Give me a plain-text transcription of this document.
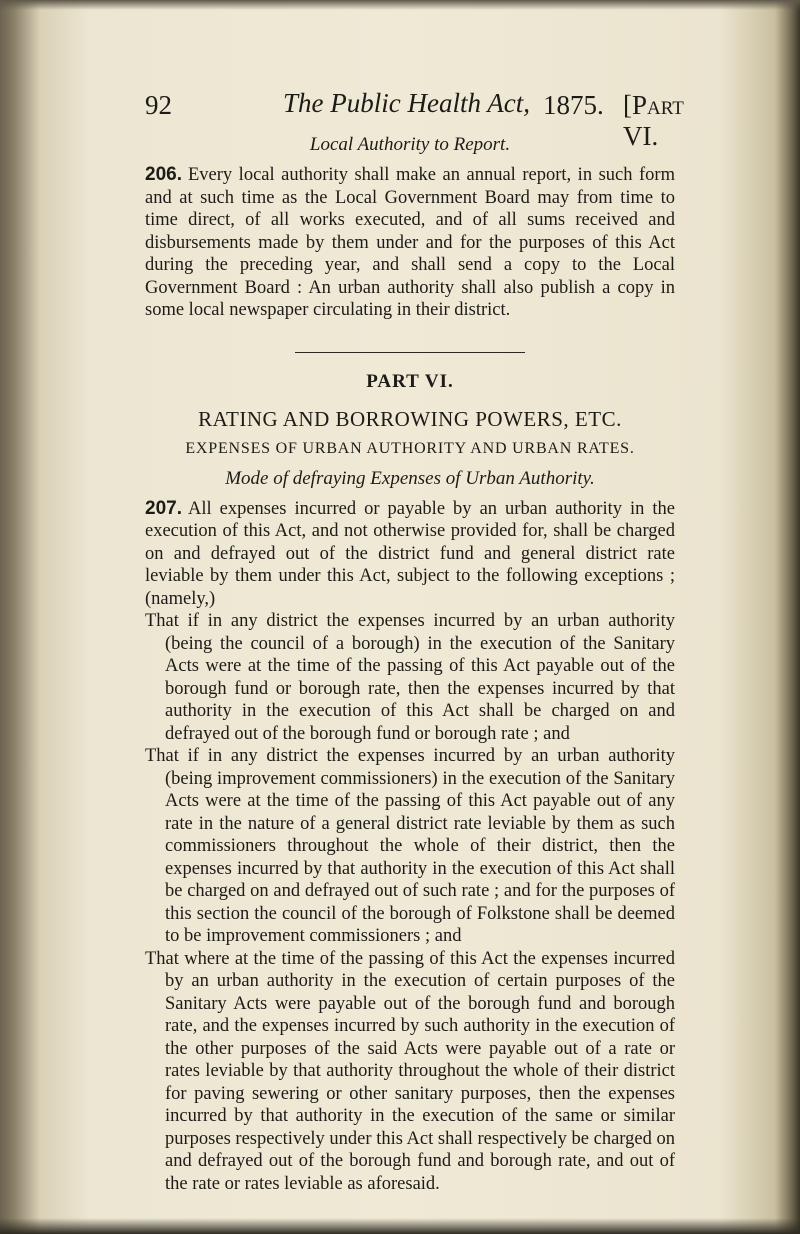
92	The Public Health Act, 1875. [Part VI.
Local Authority to Report.

206. Every local authority shall make an annual report, in such form and at such time as the Local Government Board may from time to time direct, of all works executed, and of all sums received and disbursements made by them under and for the purposes of this Act during the preceding year, and shall send a copy to the Local Government Board : An urban authority shall also publish a copy in some local newspaper circulating in their district.

PART VI.
RATING AND BORROWING POWERS, ETC.
EXPENSES OF URBAN AUTHORITY AND URBAN RATES.
Mode of defraying Expenses of Urban Authority.

207. All expenses incurred or payable by an urban authority in the execution of this Act, and not otherwise provided for, shall be charged on and defrayed out of the district fund and general district rate leviable by them under this Act, subject to the following exceptions ; (namely,)

That if in any district the expenses incurred by an urban authority (being the council of a borough) in the execution of the Sanitary Acts were at the time of the passing of this Act payable out of the borough fund or borough rate, then the expenses incurred by that authority in the execution of this Act shall be charged on and defrayed out of the borough fund or borough rate ; and

That if in any district the expenses incurred by an urban authority (being improvement commissioners) in the execution of the Sanitary Acts were at the time of the passing of this Act payable out of any rate in the nature of a general district rate leviable by them as such commissioners throughout the whole of their district, then the expenses incurred by that authority in the execution of this Act shall be charged on and defrayed out of such rate ; and for the purposes of this section the council of the borough of Folkstone shall be deemed to be improvement commissioners ; and

That where at the time of the passing of this Act the expenses incurred by an urban authority in the execution of certain purposes of the Sanitary Acts were payable out of the borough fund and borough rate, and the expenses incurred by such authority in the execution of the other purposes of the said Acts were payable out of a rate or rates leviable by that authority throughout the whole of their district for paving sewering or other sanitary purposes, then the expenses incurred by that authority in the execution of the same or similar purposes respectively under this Act shall respectively be charged on and defrayed out of the borough fund and borough rate, and out of the rate or rates leviable as aforesaid.
